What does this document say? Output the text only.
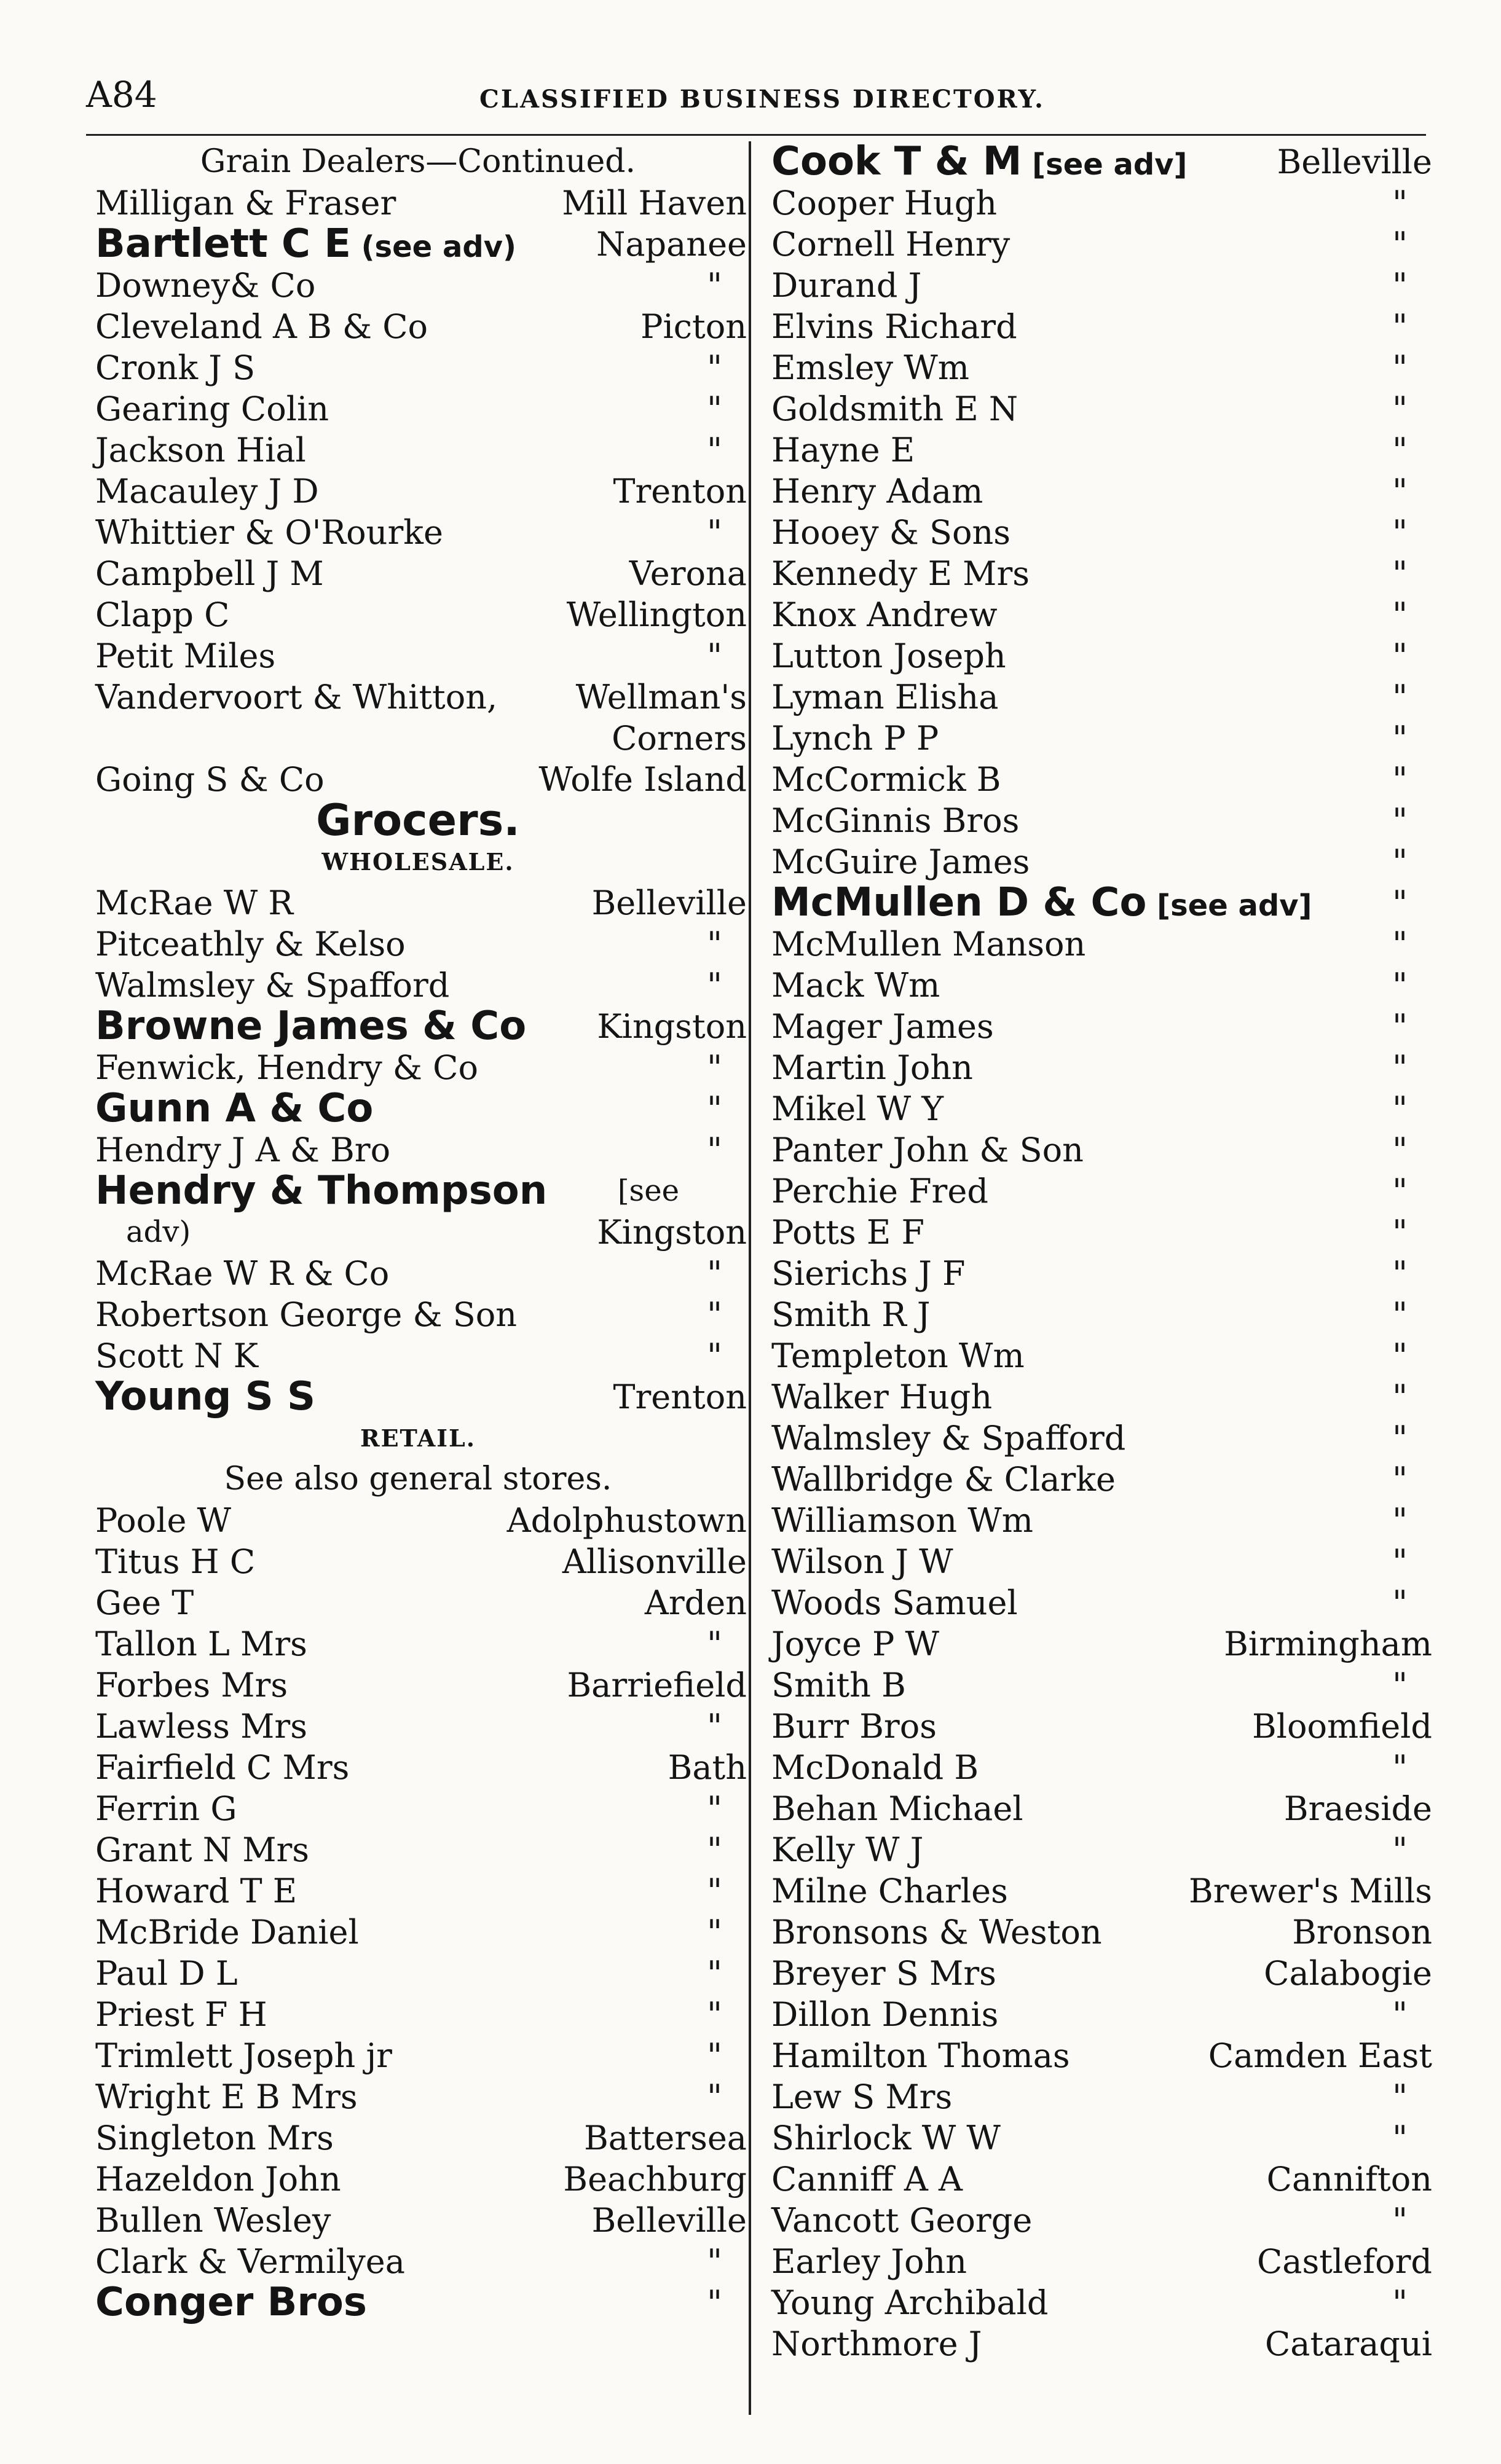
A84	CLASSIFIED BUSINESS DIRECTORY.
Grain Dealers—Continued.
Milligan & Fraser	Mill Haven
Bartlett C E (see adv) Napanee
Downey& Co	"
Cleveland A B & Co	Picton
Cronk J S	"
Gearing Colin	"
Jackson Hial	"
Macauley J D	Trenton
Whittier & O'Rourke	"
Campbell J M	Verona
Clapp C	Wellington
Petit Miles	"
Vandervoort & Whitton, Wellman's
Corners
Going S & Co	Wolfe Island
Grocers.
WHOLESALE.
McRae W R	Belleville
Pitceathly & Kelso	"
Walmsley & Spafford	"
Browne James & Co Kingston
Fenwick, Hendry & Co	"
Gunn A & Co	"
Hendry J A & Bro	"
Hendry & Thompson [see
adv)	Kingston
McRae W R & Co	"
Robertson George & Son	"
Scott N K	"
Young S S	Trenton
RETAIL.
See also general stores.
Poole W	Adolphustown
Titus H C	Allisonville
Gee T	Arden
Tallon L Mrs	"
Forbes Mrs	Barriefield
Lawless Mrs	"
Fairfield C Mrs	Bath
Ferrin G	"
Grant N Mrs	"
Howard T E	"
McBride Daniel	"
Paul D L	"
Priest F H	"
Trimlett Joseph jr	"
Wright E B Mrs	"
Singleton Mrs	Battersea
Hazeldon John	Beachburg
Bullen Wesley	Belleville
Clark & Vermilyea	"
Conger Bros	"
Cook T & M [see adv]	Belleville
Cooper Hugh	"
Cornell Henry	"
Durand J	"
Elvins Richard	"
Emsley Wm	"
Goldsmith E N	"
Hayne E	"
Henry Adam	"
Hooey & Sons	"
Kennedy E Mrs	"
Knox Andrew	"
Lutton Joseph	"
Lyman Elisha	"
Lynch P P	"
McCormick B	"
McGinnis Bros	"
McGuire James	"
McMullen D & Co [see adv] "
McMullen Manson	"
Mack Wm	"
Mager James	"
Martin John	"
Mikel W Y	"
Panter John & Son	"
Perchie Fred	"
Potts E F	"
Sierichs J F	"
Smith R J	"
Templeton Wm	"
Walker Hugh	"
Walmsley & Spafford	"
Wallbridge & Clarke	"
Williamson Wm	"
Wilson J W	"
Woods Samuel	"
Joyce P W	Birmingham
Smith B	"
Burr Bros	Bloomfield
McDonald B	"
Behan Michael	Braeside
Kelly W J	"
Milne Charles	Brewer's Mills
Bronsons & Weston	Bronson
Breyer S Mrs	Calabogie
Dillon Dennis	"
Hamilton Thomas	Camden East
Lew S Mrs	"
Shirlock W W	"
Canniff A A	Cannifton
Vancott George	"
Earley John	Castleford
Young Archibald	"
Northmore J	Cataraqui
